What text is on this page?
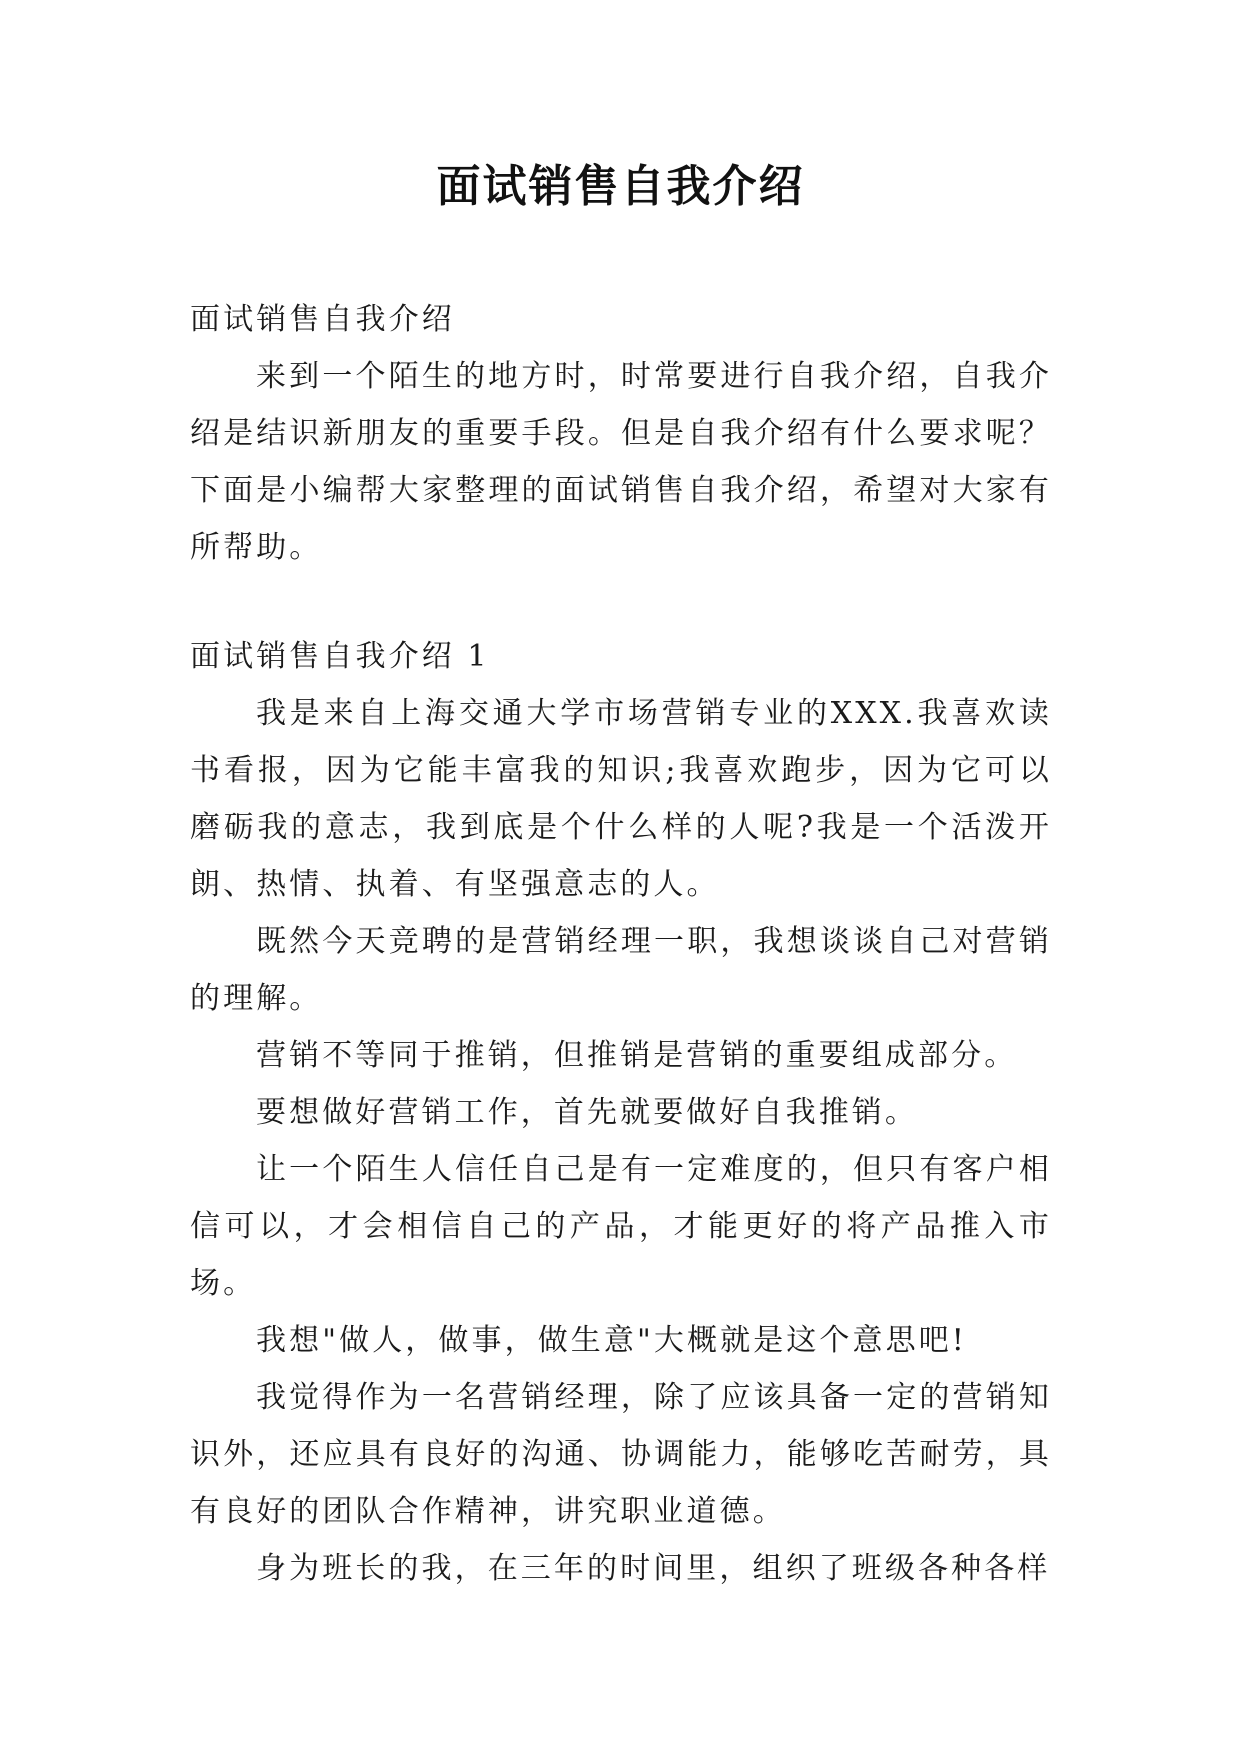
面试销售自我介绍

面试销售自我介绍

来到一个陌生的地方时，时常要进行自我介绍，自我介绍是结识新朋友的重要手段。但是自我介绍有什么要求呢？下面是小编帮大家整理的面试销售自我介绍，希望对大家有所帮助。

面试销售自我介绍 1

我是来自上海交通大学市场营销专业的XXX.我喜欢读书看报，因为它能丰富我的知识;我喜欢跑步，因为它可以磨砺我的意志，我到底是个什么样的人呢?我是一个活泼开朗、热情、执着、有坚强意志的人。

既然今天竞聘的是营销经理一职，我想谈谈自己对营销的理解。

营销不等同于推销，但推销是营销的重要组成部分。

要想做好营销工作，首先就要做好自我推销。

让一个陌生人信任自己是有一定难度的，但只有客户相信可以，才会相信自己的产品，才能更好的将产品推入市场。

我想"做人，做事，做生意"大概就是这个意思吧!

我觉得作为一名营销经理，除了应该具备一定的营销知识外，还应具有良好的沟通、协调能力，能够吃苦耐劳，具有良好的团队合作精神，讲究职业道德。

身为班长的我，在三年的时间里，组织了班级各种各样
